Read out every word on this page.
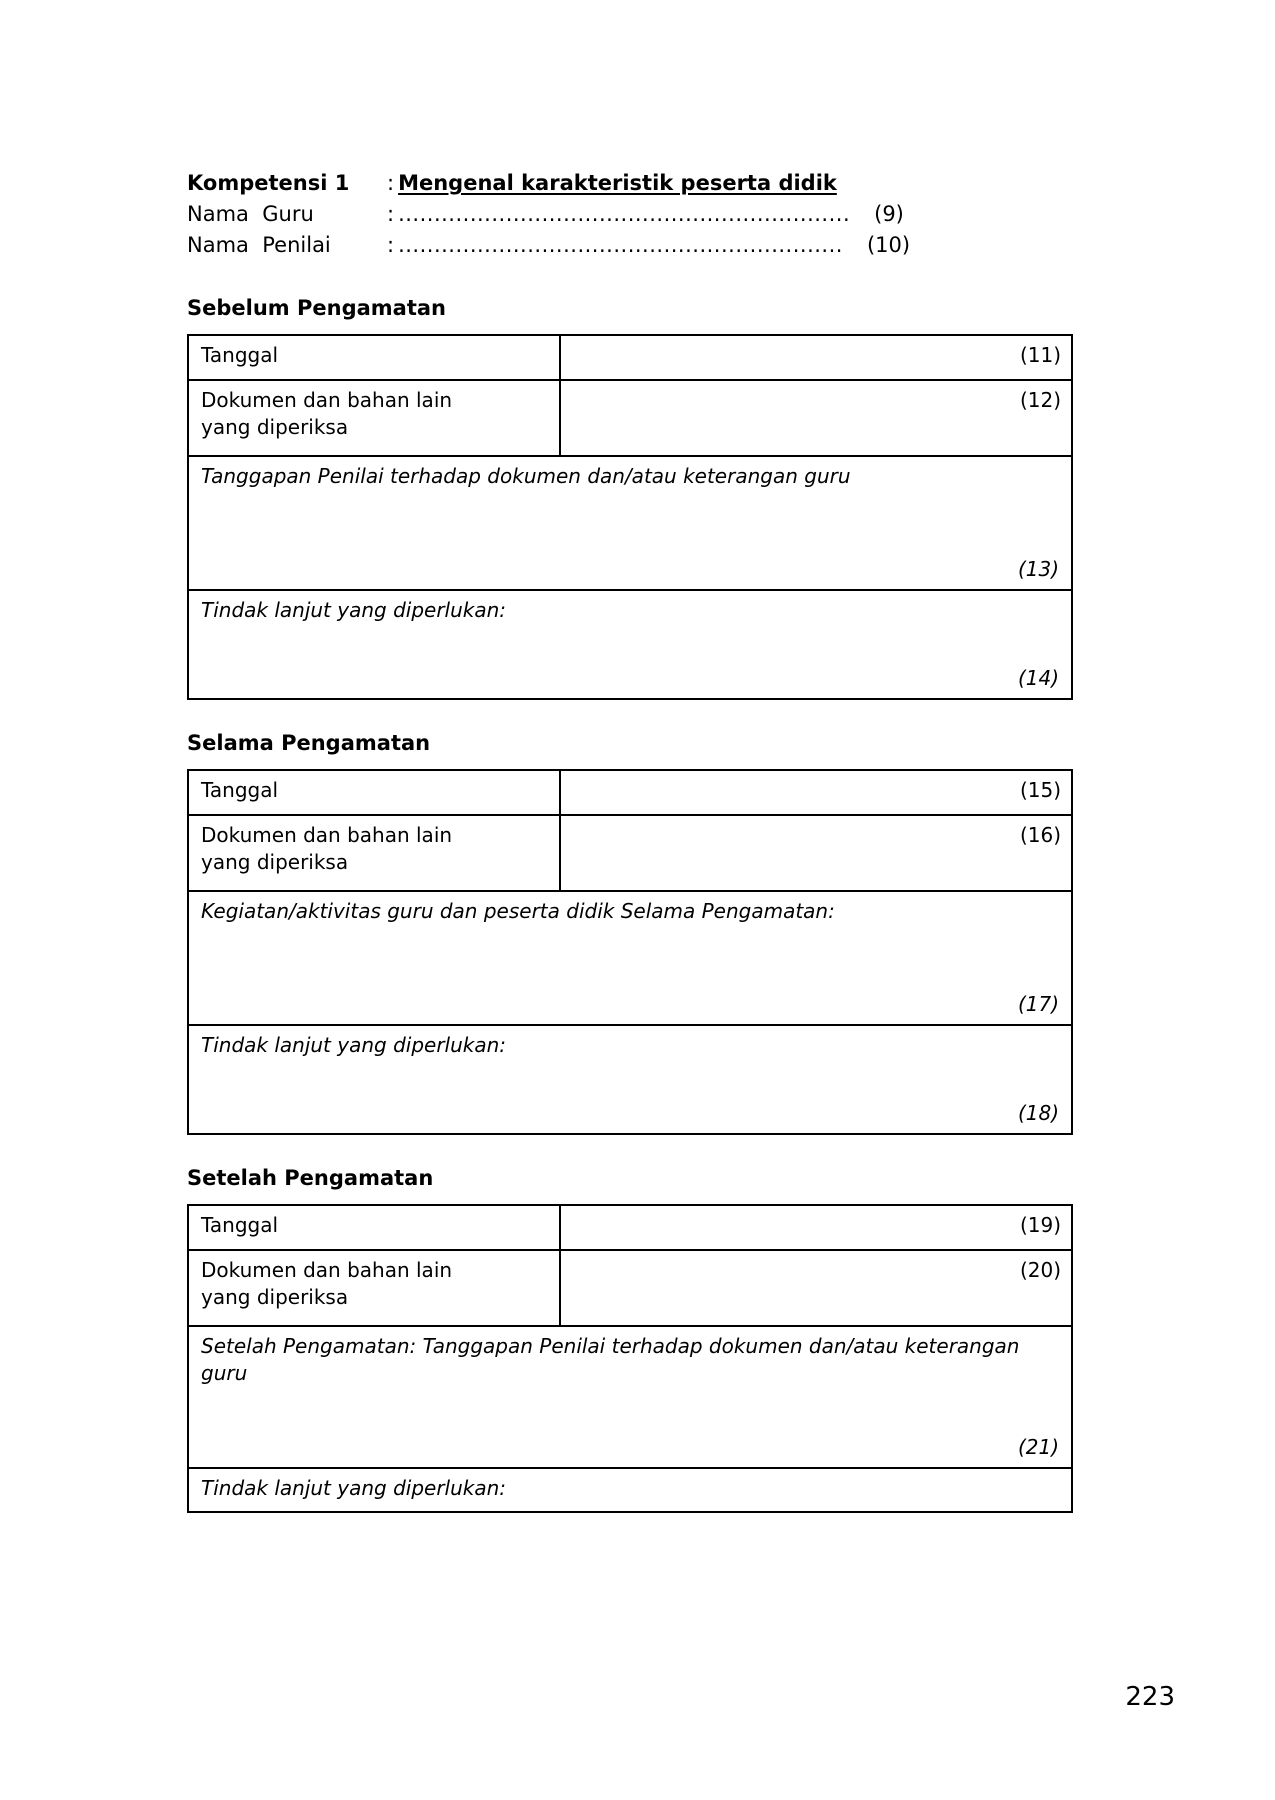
Kompetensi 1	: Mengenal karakteristik peserta didik
Nama  Guru	: ............................................................... (9)
Nama  Penilai	: .............................................................. (10)
Sebelum Pengamatan
Tanggal	(11)

Dokumen dan bahan lain
yang diperiksa	(12)

Tanggapan Penilai terhadap dokumen dan/atau keterangan guru
(13)	

Tindak lanjut yang diperlukan:
(14)	
Selama Pengamatan
Tanggal	(15)

Dokumen dan bahan lain
yang diperiksa	(16)

Kegiatan/aktivitas guru dan peserta didik Selama Pengamatan:
(17)	

Tindak lanjut yang diperlukan:
(18)	
Setelah Pengamatan
Tanggal	(19)

Dokumen dan bahan lain
yang diperiksa	(20)

Setelah Pengamatan: Tanggapan Penilai terhadap dokumen dan/atau keterangan guru
(21)	

Tindak lanjut yang diperlukan:	
223
